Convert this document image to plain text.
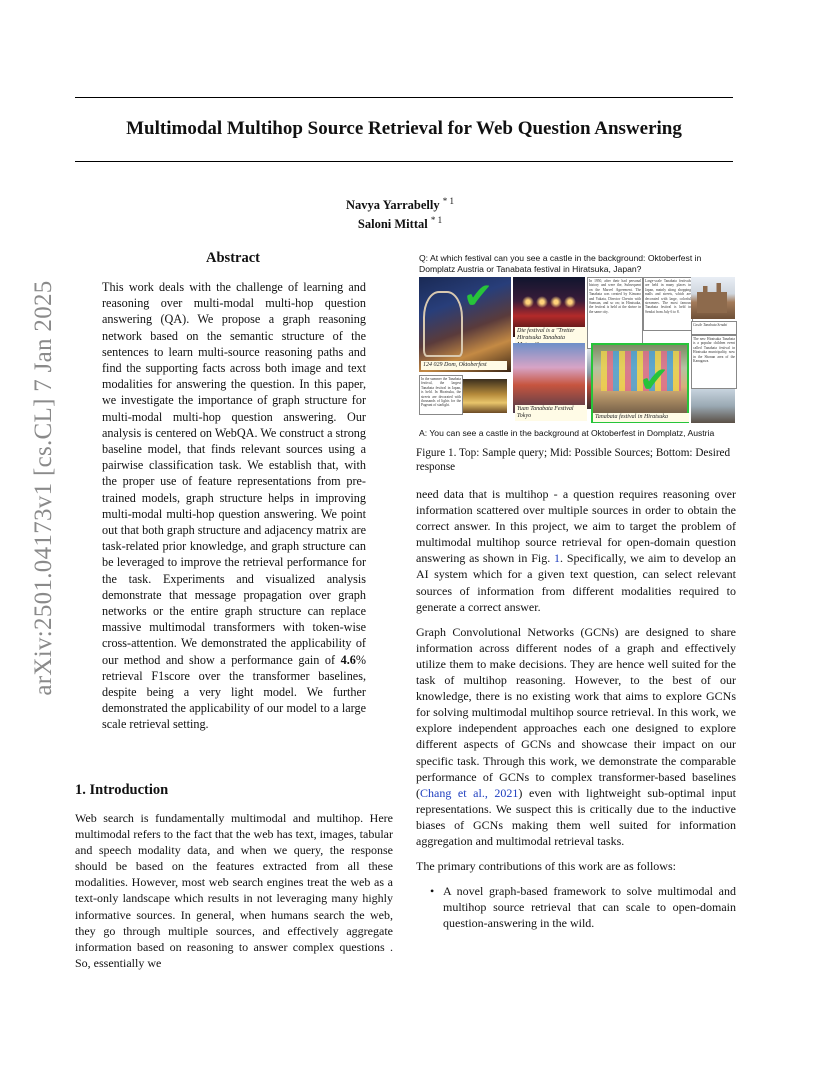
Multimodal Multihop Source Retrieval for Web Question Answering
Navya Yarrabelly $^{* 1}$
Saloni Mittal $^{* 1}$
arXiv:2501.04173v1 [cs.CL] 7 Jan 2025
Abstract
This work deals with the challenge of learning and reasoning over multi-modal multi-hop question answering (QA). We propose a graph reasoning network based on the semantic structure of the sentences to learn multi-source reasoning paths and find the supporting facts across both image and text modalities for answering the question. In this paper, we investigate the importance of graph structure for multi-modal multi-hop question answering. Our analysis is centered on WebQA. We construct a strong baseline model, that finds relevant sources using a pairwise classification task. We establish that, with the proper use of feature representations from pre-trained models, graph structure helps in improving multi-modal multi-hop question answering. We point out that both graph structure and adjacency matrix are task-related prior knowledge, and graph structure can be leveraged to improve the retrieval performance for the task. Experiments and visualized analysis demonstrate that message propagation over graph networks or the entire graph structure can replace massive multimodal transformers with token-wise cross-attention. We demonstrated the applicability of our method and show a performance gain of 4.6% retrieval F1score over the transformer baselines, despite being a very light model. We further demonstrated the applicability of our model to a large scale retrieval setting.
1. Introduction
Web search is fundamentally multimodal and multihop. Here multimodal refers to the fact that the web has text, images, tabular and speech modality data, and when we query, the response should be based on the features extracted from all these modalities. However, most web search engines treat the web as a text-only landscape which results in not leveraging many highly informative sources. In general, when humans search the web, they go through multiple sources, and effectively aggregate information based on reasoning to answer complex questions . So, essentially we
Q: At which festival can you see a castle in the background: Oktoberfest in Domplatz Austria or Tanabata festival in Hiratsuka, Japan?
✔
124 029 Dom, Oktoberfest
Die festival is a "Tretter Hiratsuka Tanabata
In 1950, after their had personal history and were the, Subsequent on the Marvel Agreement. The Tanabata was created by Kimono and Yukata, Director Chewin with Samsun, and so on; in Hiratsuka, the festival is held at the shrine in the same city.
Large-scale Tanabata festivals are held in many places in Japan, mainly along shopping malls and streets, which are decorated with large, colorful streamers. The most famous Tanabata festival is held in Sendai from July 6 to 8.
Castle Tanabata Sendai
In the summer the Tanabata festival, the largest Tanabata festival in Japan, is held. In Hiratsuka, the streets are decorated with thousands of lights for the Pageant of starlight.
Yuan Tanabata Festival Tokyo
✔
Tanabata festival in Hiratsuka
The new Hiratsuka Tanabata is a popular children event called Tanabata festival in Hiratsuka municipality, now in the Shonan area of the Kanagawa.
A: You can see a castle in the background at Oktoberfest in Domplatz, Austria
Figure 1. Top: Sample query; Mid: Possible Sources; Bottom: Desired response

need data that is multihop - a question requires reasoning over information scattered over multiple sources in order to obtain the correct answer. In this project, we aim to target the problem of multimodal multihop source retrieval for open-domain question answering as shown in Fig. 1. Specifically, we aim to develop an AI system which for a given text question, can select relevant sources of information from different modalities required to generate a correct answer.

Graph Convolutional Networks (GCNs) are designed to share information across different nodes of a graph and effectively utilize them to make decisions. They are hence well suited for the task of multihop reasoning. However, to the best of our knowledge, there is no existing work that aims to explore GCNs for solving multimodal multihop source retrieval. In this work, we explore independent approaches each one designed to explore different aspects of GCNs and showcase their impact on our specific task. Through this work, we demonstrate the comparable performance of GCNs to complex transformer-based baselines (Chang et al., 2021) even with lightweight sub-optimal input representations. We suspect this is critically due to the inductive biases of GCNs making them well suited for information aggregation and multimodal retrieval tasks.

The primary contributions of this work are as follows:

• A novel graph-based framework to solve multimodal and multihop source retrieval that can scale to open-domain question-answering in the wild.
